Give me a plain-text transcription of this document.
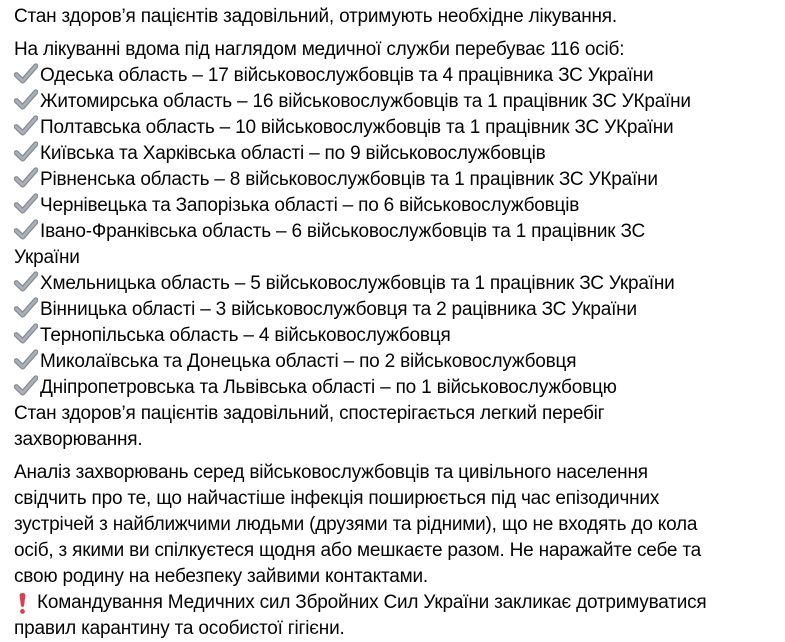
Стан здоров’я пацієнтів задовільний, отримують необхідне лікування.
На лікуванні вдома під наглядом медичної служби перебуває 116 осіб:
Одеська область – 17 військовослужбовців та 4 працівника ЗС України
Житомирська область – 16 військовослужбовців та 1 працівник ЗС УКраїни
Полтавська область – 10 військовослужбовців та 1 працівник ЗС УКраїни
Київська та Харківська області – по 9 військовослужбовців
Рівненська область – 8 військовослужбовців та 1 працівник ЗС УКраїни
Чернівецька та Запорізька області – по 6 військовослужбовців
Івано-Франківська область – 6 військовослужбовців та 1 працівник ЗС
України
Хмельницька область – 5 військовослужбовців та 1 працівник ЗС України
Вінницька області – 3 військовослужбовця та 2 рацівника ЗС України
Тернопільська область – 4 військовослужбовця
Миколаївська та Донецька області – по 2 військовослужбовця
Дніпропетровська та Львівська області – по 1 військовослужбовцю
Стан здоров’я пацієнтів задовільний, спостерігається легкий перебіг
захворювання.
Аналіз захворювань серед військовослужбовців та цивільного населення
свідчить про те, що найчастіше інфекція поширюється під час епізодичних
зустрічей з найближчими людьми (друзями та рідними), що не входять до кола
осіб, з якими ви спілкуєтеся щодня або мешкаєте разом. Не наражайте себе та
свою родину на небезпеку зайвими контактами.
Командування Медичних сил Збройних Сил України закликає дотримуватися
правил карантину та особистої гігієни.
